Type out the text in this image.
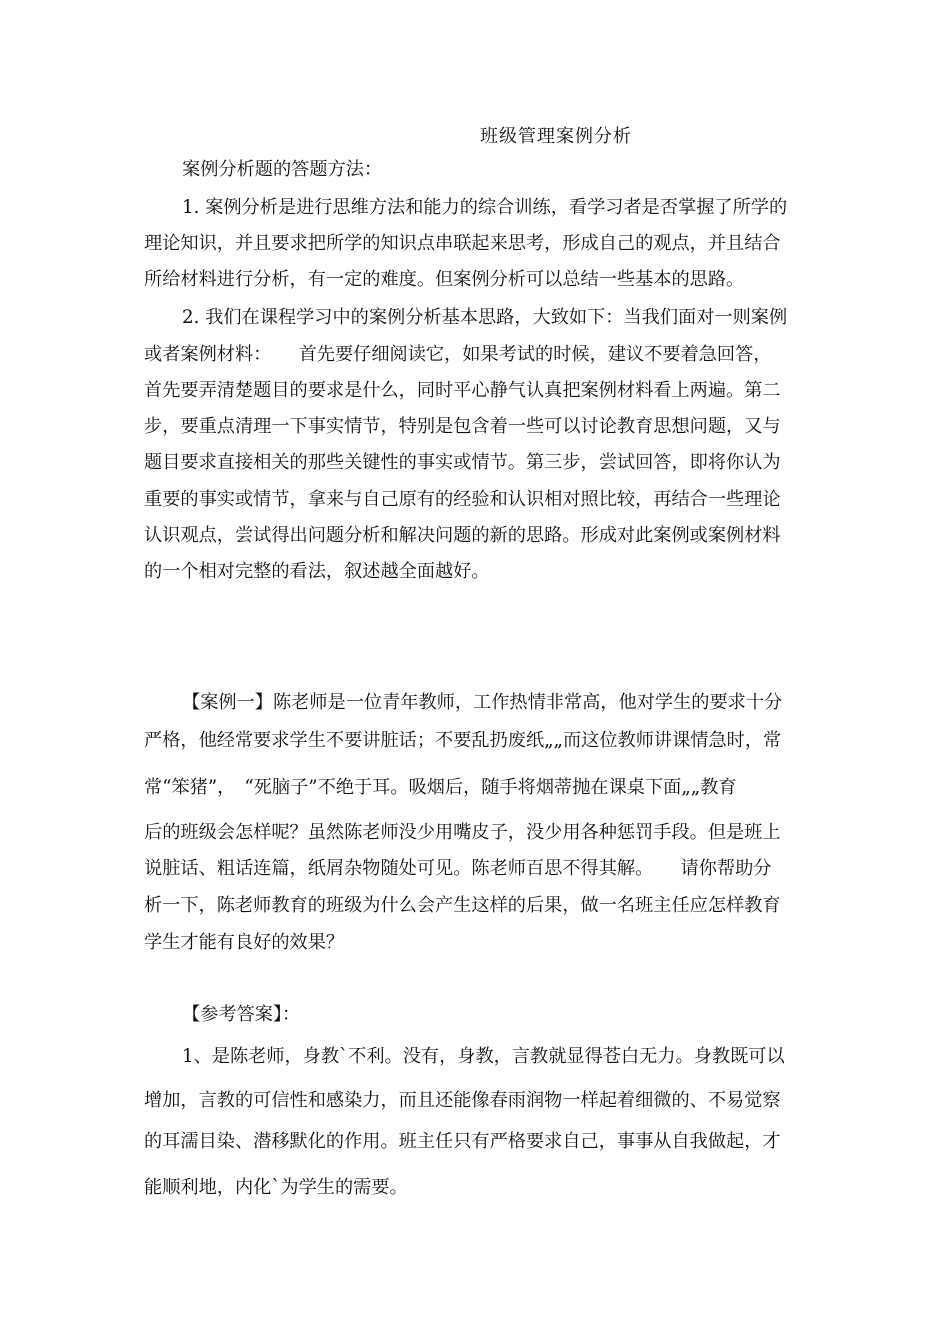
班级管理案例分析
案例分析题的答题方法：
1. 案例分析是进行思维方法和能力的综合训练，看学习者是否掌握了所学的
理论知识，并且要求把所学的知识点串联起来思考，形成自己的观点，并且结合
所给材料进行分析，有一定的难度。但案例分析可以总结一些基本的思路。
2. 我们在课程学习中的案例分析基本思路，大致如下：当我们面对一则案例
或者案例材料：　　首先要仔细阅读它，如果考试的时候，建议不要着急回答，
首先要弄清楚题目的要求是什么，同时平心静气认真把案例材料看上两遍。第二
步，要重点清理一下事实情节，特别是包含着一些可以讨论教育思想问题，又与
题目要求直接相关的那些关键性的事实或情节。第三步，尝试回答，即将你认为
重要的事实或情节，拿来与自己原有的经验和认识相对照比较，再结合一些理论
认识观点，尝试得出问题分析和解决问题的新的思路。形成对此案例或案例材料
的一个相对完整的看法，叙述越全面越好。
【案例一】陈老师是一位青年教师，工作热情非常高，他对学生的要求十分
严格，他经常要求学生不要讲脏话；不要乱扔废纸„„而这位教师讲课情急时，常
常“笨猪”，　“死脑子”不绝于耳。吸烟后，随手将烟蒂抛在课桌下面„„教育
后的班级会怎样呢？虽然陈老师没少用嘴皮子，没少用各种惩罚手段。但是班上
说脏话、粗话连篇，纸屑杂物随处可见。陈老师百思不得其解。　　请你帮助分
析一下，陈老师教育的班级为什么会产生这样的后果，做一名班主任应怎样教育
学生才能有良好的效果？
【参考答案】：
1、是陈老师，身教`不利。没有，身教，言教就显得苍白无力。身教既可以
增加，言教的可信性和感染力，而且还能像春雨润物一样起着细微的、不易觉察
的耳濡目染、潜移默化的作用。班主任只有严格要求自己，事事从自我做起，才
能顺利地，内化`为学生的需要。
